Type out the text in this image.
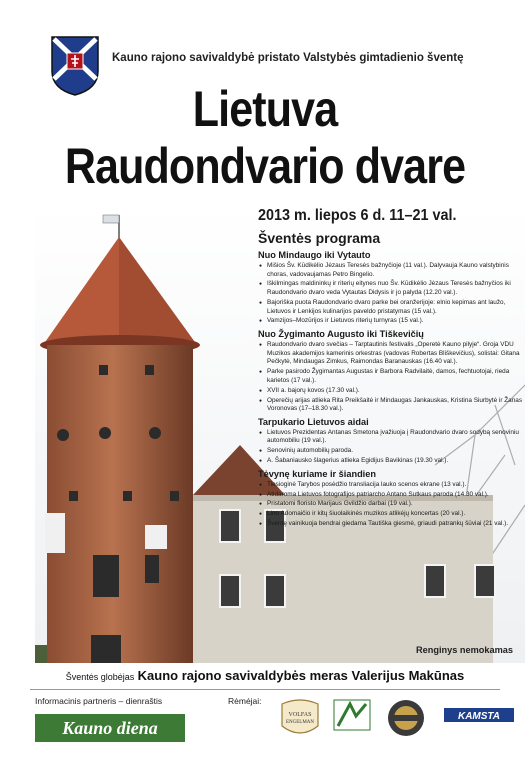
Kauno rajono savivaldybė pristato Valstybės gimtadienio šventę
Lietuva
Raudondvario dvare
2013 m. liepos 6 d. 11–21 val.
Šventės programa
Nuo Mindaugo iki Vytauto
● Mišios Šv. Kūdikėlio Jėzaus Teresės bažnyčioje (11 val.). Dalyvauja Kauno valstybinis choras, vadovaujamas Petro Bingelio.
● Iškilmingas maldininkų ir riterių eitynes nuo Šv. Kūdikėlio Jėzaus Teresės bažnyčios iki Raudondvario dvaro veda Vytautas Didysis ir jo palyda (12.20 val.).
● Bajoriška puota Raudondvario dvaro parke bei oranžerijoje: elnio kepimas ant laužo, Lietuvos ir Lenkijos kulinarijos paveldo pristatymas (15 val.).
● Vamzijos–Mozūrijos ir Lietuvos riterių turnyras (15 val.).
Nuo Žygimanto Augusto iki Tiškevičių
● Raudondvario dvaro svečias – Tarptautinis festivalis „Operetė Kauno pilyje“. Groja VDU Muzikos akademijos kamerinis orkestras (vadovas Robertas Bliškevičius), solistai: Gitana Pečkytė, Mindaugas Zimkus, Raimondas Baranauskas (16.40 val.).
● Parke pasirodo Žygimantas Augustas ir Barbora Radvilaitė, damos, fechtuotojai, rieda karietos (17 val.).
● XVII a. bajorų kovos (17.30 val.).
● Operečių arijas atlieka Rita Preikšaitė ir Mindaugas Jankauskas, Kristina Siurbytė ir Žanas Voronovas (17–18.30 val.).
Tarpukario Lietuvos aidai
● Lietuvos Prezidentas Antanas Smetona įvažiuoja į Raudondvario dvaro sodybą senoviniu automobiliu (19 val.).
● Senovinių automobilių paroda.
● A. Šabaniausko šlagerius atlieka Egidijus Bavikinas (19.30 val.).
Tėvynę kuriame ir šiandien
● Tiesioginė Tarybos posėdžio transliacija lauko scenos ekrane (13 val.).
● Atidaroma Lietuvos fotografijos patriarcho Antano Sutkaus paroda (14.30 val.).
● Pristatomi floristo Marijaus Gvildžio darbai (19 val.).
● Lino Adomaičio ir kitų šiuolaikinės muzikos atlikėjų koncertas (20 val.).
● Šventę vainikuoja bendrai giedama Tautiška giesmė, griaudi patrankų šūviai (21 val.).
Renginys nemokamas
Šventės globėjas Kauno rajono savivaldybės meras Valerijus Makūnas
Informacinis partneris – dienraštis
Kauno diena
Rėmėjai:
VOLFAS
ENGELMAN
KAMSTA
